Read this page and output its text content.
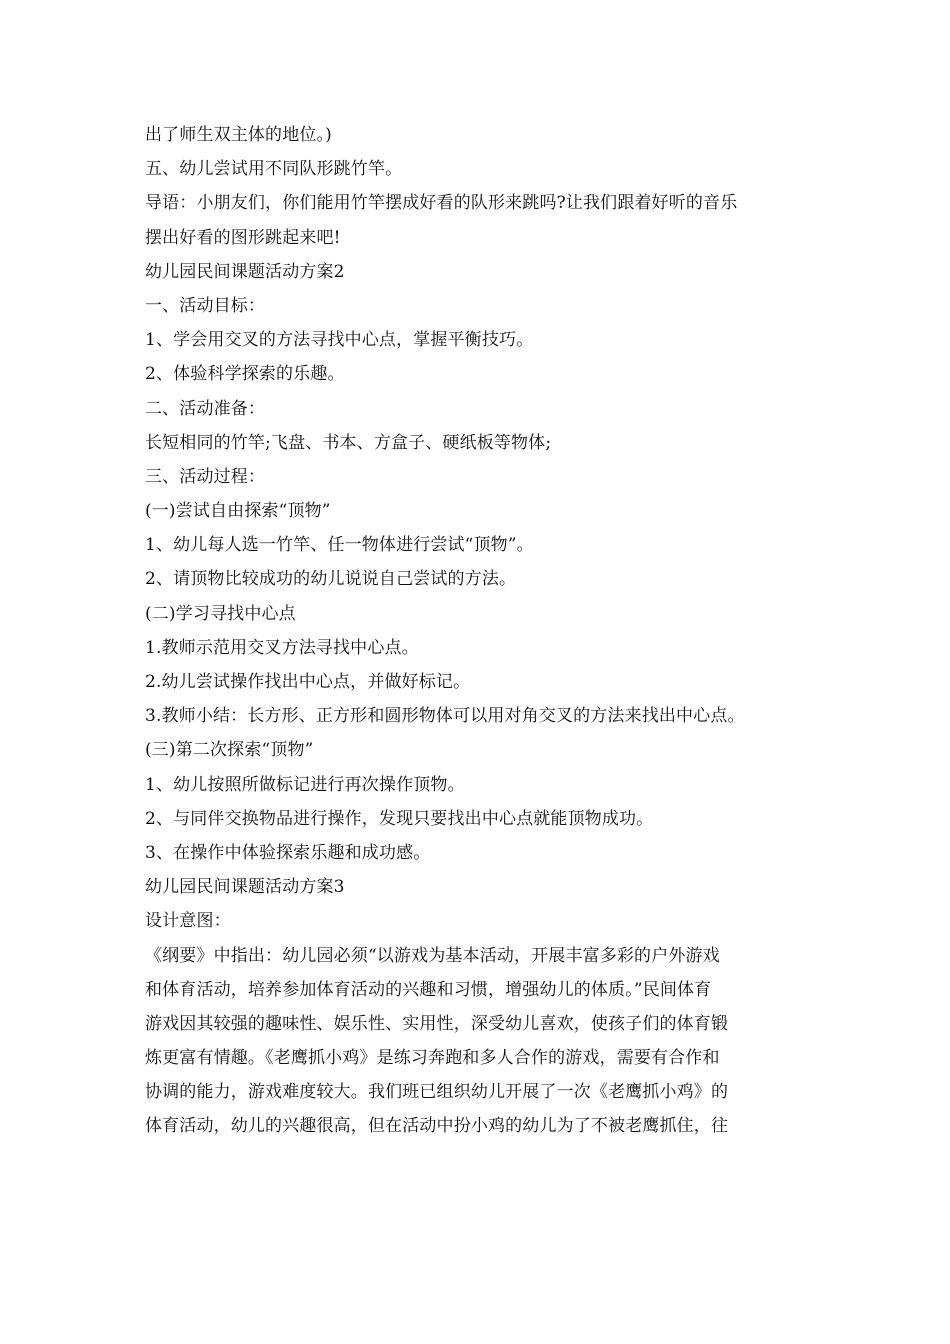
出了师生双主体的地位。)
五、幼儿尝试用不同队形跳竹竿。
导语：小朋友们，你们能用竹竿摆成好看的队形来跳吗?让我们跟着好听的音乐
摆出好看的图形跳起来吧!
幼儿园民间课题活动方案2
一、活动目标：
1、学会用交叉的方法寻找中心点，掌握平衡技巧。
2、体验科学探索的乐趣。
二、活动准备：
长短相同的竹竿;飞盘、书本、方盒子、硬纸板等物体;
三、活动过程：
(一)尝试自由探索“顶物”
1、幼儿每人选一竹竿、任一物体进行尝试“顶物”。
2、请顶物比较成功的幼儿说说自己尝试的方法。
(二)学习寻找中心点
1.教师示范用交叉方法寻找中心点。
2.幼儿尝试操作找出中心点，并做好标记。
3.教师小结：长方形、正方形和圆形物体可以用对角交叉的方法来找出中心点。
(三)第二次探索“顶物”
1、幼儿按照所做标记进行再次操作顶物。
2、与同伴交换物品进行操作，发现只要找出中心点就能顶物成功。
3、在操作中体验探索乐趣和成功感。
幼儿园民间课题活动方案3
设计意图：
《纲要》中指出：幼儿园必须“以游戏为基本活动，开展丰富多彩的户外游戏
和体育活动，培养参加体育活动的兴趣和习惯，增强幼儿的体质。”民间体育
游戏因其较强的趣味性、娱乐性、实用性，深受幼儿喜欢，使孩子们的体育锻
炼更富有情趣。《老鹰抓小鸡》是练习奔跑和多人合作的游戏，需要有合作和
协调的能力，游戏难度较大。我们班已组织幼儿开展了一次《老鹰抓小鸡》的
体育活动，幼儿的兴趣很高，但在活动中扮小鸡的幼儿为了不被老鹰抓住，往
